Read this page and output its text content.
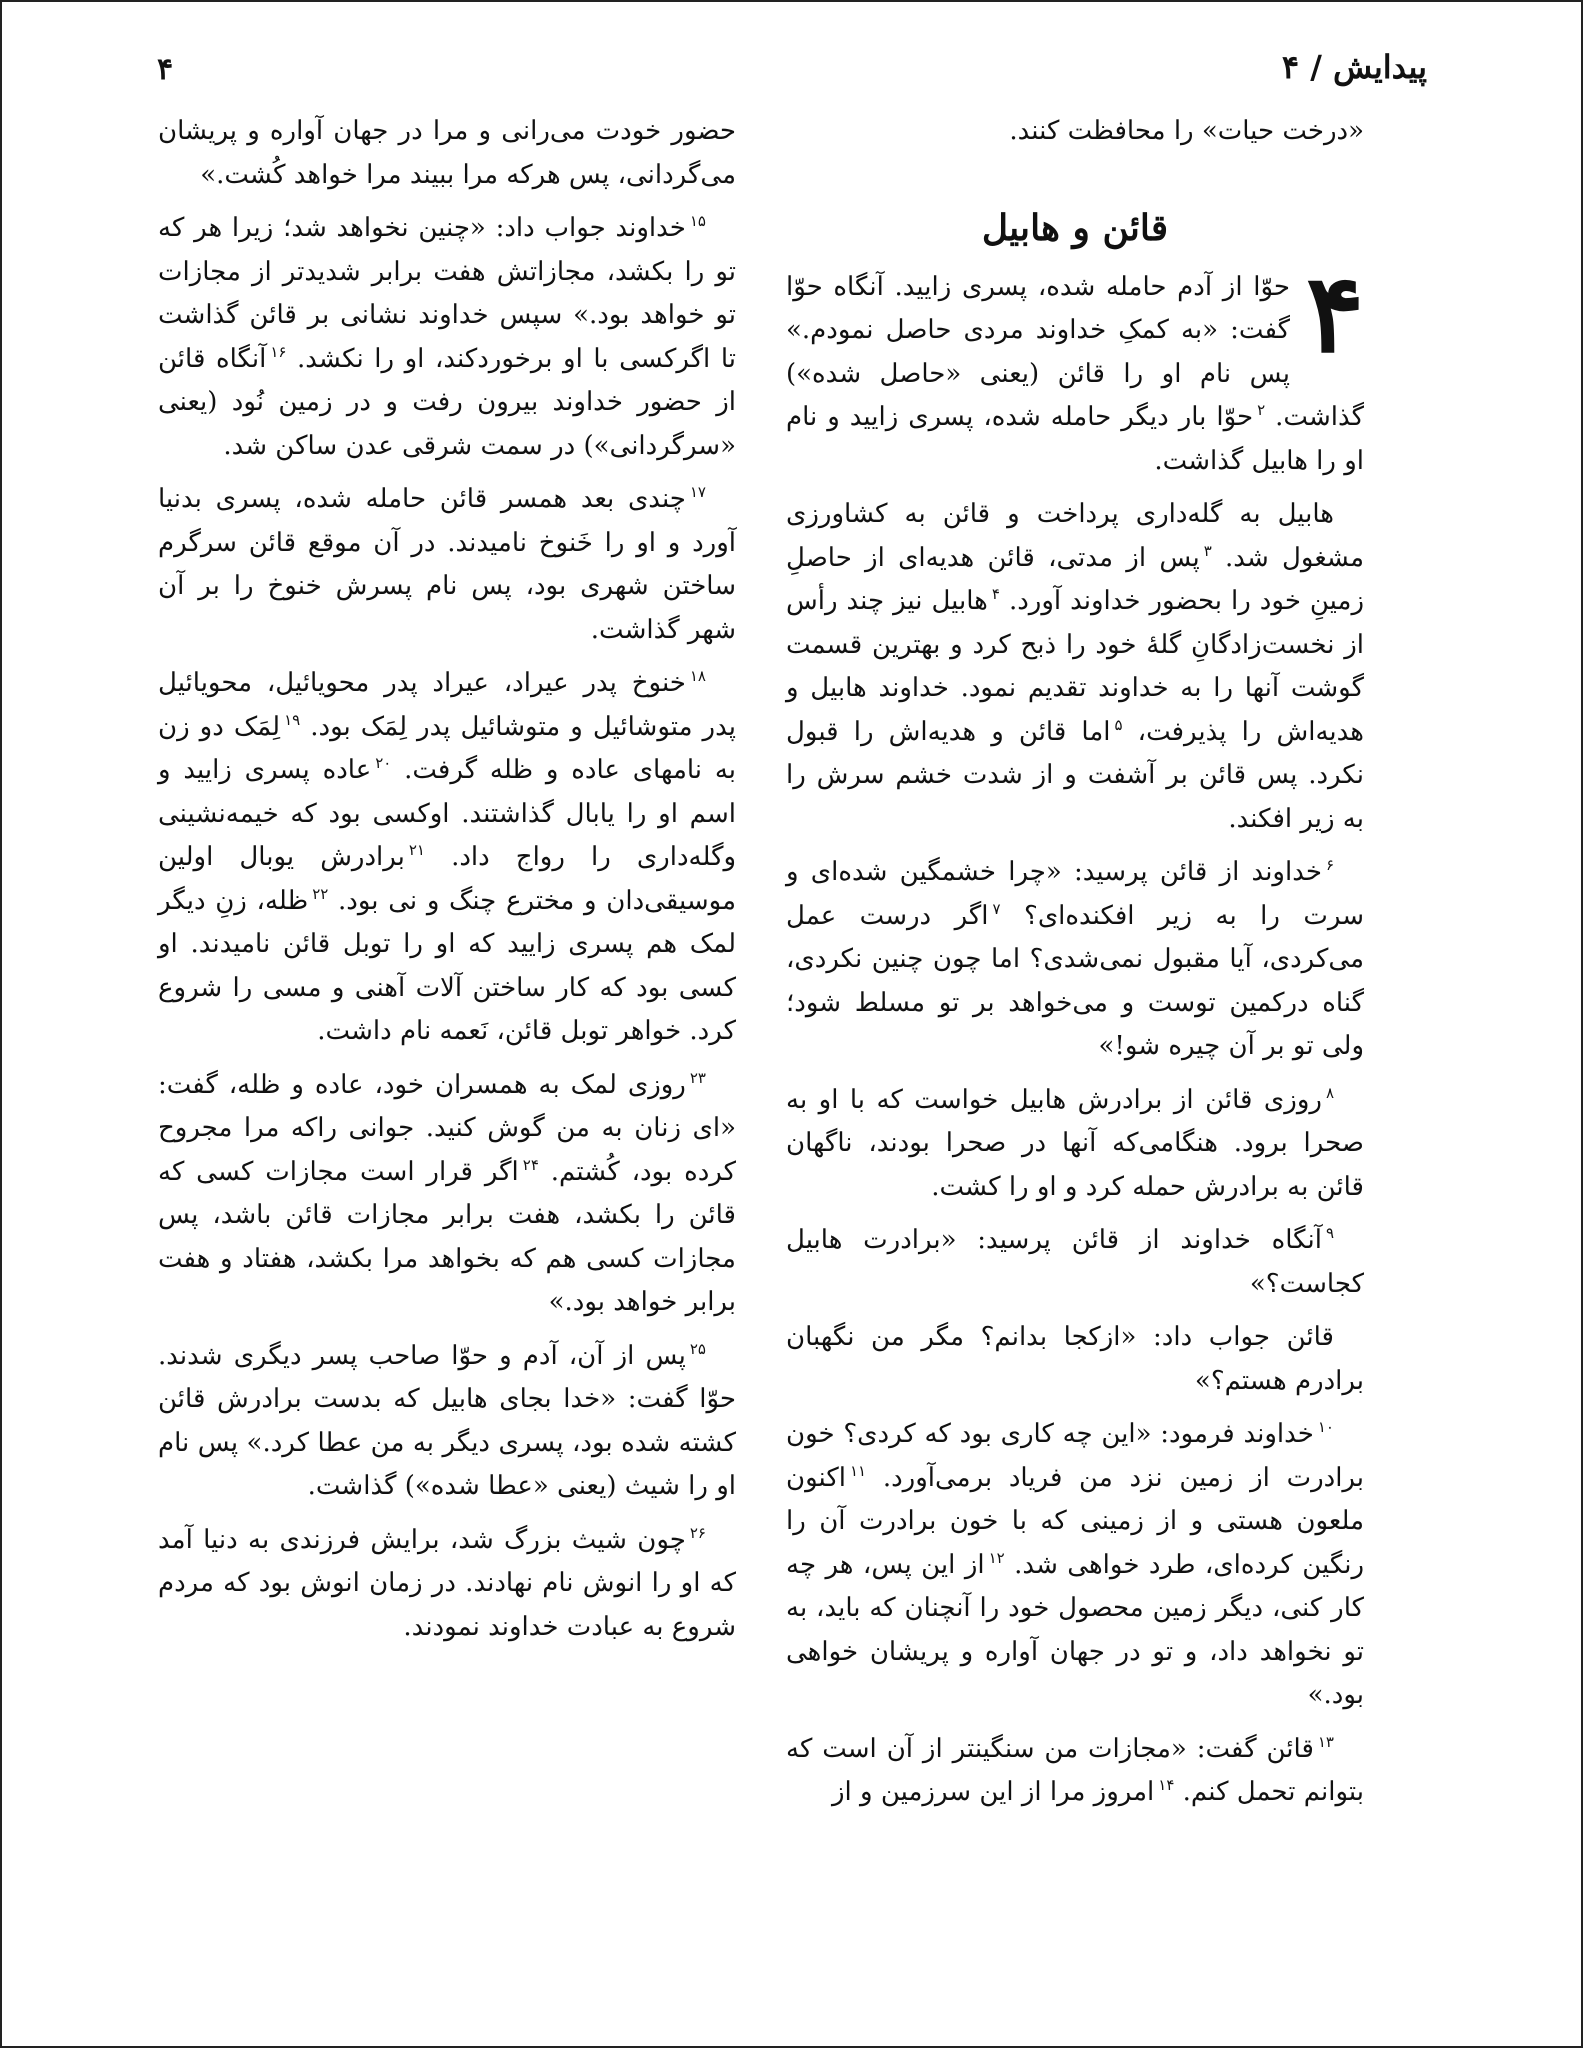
۴	پیدایش / ۴

«درخت حیات» را محافظت کنند.

قائن و هابیل

۴
حوّا از آدم حامله شده، پسری زایید. آنگاه حوّا گفت: «به کمکِ خداوند مردی حاصل نمودم.» پس نام او را قائن (یعنی «حاصل شده») گذاشت. $^۲$حوّا بار دیگر حامله شده، پسری زایید و نام او را هابیل گذاشت.

هابیل به گله‌داری پرداخت و قائن به کشاورزی مشغول شد. $^۳$پس از مدتی، قائن هدیه‌ای از حاصلِ زمینِ خود را بحضور خداوند آورد. $^۴$هابیل نیز چند رأس از نخست‌زادگانِ گلهٔ خود را ذبح کرد و بهترین قسمت گوشت آنها را به خداوند تقدیم نمود. خداوند هابیل و هدیه‌اش را پذیرفت، $^۵$اما قائن و هدیه‌اش را قبول نکرد. پس قائن بر آشفت و از شدت خشم سرش را به زیر افکند.

$^۶$خداوند از قائن پرسید: «چرا خشمگین شده‌ای و سرت را به زیر افکنده‌ای؟ $^۷$اگر درست عمل می‌کردی، آیا مقبول نمی‌شدی؟ اما چون چنین نکردی، گناه درکمین توست و می‌خواهد بر تو مسلط شود؛ ولی تو بر آن چیره شو!»

$^۸$روزی قائن از برادرش هابیل خواست که با او به صحرا برود. هنگامی‌که آنها در صحرا بودند، ناگهان قائن به برادرش حمله کرد و او را کشت.

$^۹$آنگاه خداوند از قائن پرسید: «برادرت هابیل کجاست؟»

قائن جواب داد: «ازکجا بدانم؟ مگر من نگهبان برادرم هستم؟»

$^{۱۰}$خداوند فرمود: «این چه کاری بود که کردی؟ خون برادرت از زمین نزد من فریاد برمی‌آورد. $^{۱۱}$اکنون ملعون هستی و از زمینی که با خون برادرت آن را رنگین کرده‌ای، طرد خواهی شد. $^{۱۲}$از این پس، هر چه کار کنی، دیگر زمین محصول خود را آنچنان که باید، به تو نخواهد داد، و تو در جهان آواره و پریشان خواهی بود.»

$^{۱۳}$قائن گفت: «مجازات من سنگینتر از آن است که بتوانم تحمل کنم. $^{۱۴}$امروز مرا از این سرزمین و از

حضور خودت می‌رانی و مرا در جهان آواره و پریشان می‌گردانی، پس هرکه مرا ببیند مرا خواهد کُشت.»

$^{۱۵}$خداوند جواب داد: «چنین نخواهد شد؛ زیرا هر که تو را بکشد، مجازاتش هفت برابر شدیدتر از مجازات تو خواهد بود.» سپس خداوند نشانی بر قائن گذاشت تا اگرکسی با او برخوردکند، او را نکشد. $^{۱۶}$آنگاه قائن از حضور خداوند بیرون رفت و در زمین نُود (یعنی «سرگردانی») در سمت شرقی عدن ساکن شد.

$^{۱۷}$چندی بعد همسر قائن حامله شده، پسری بدنیا آورد و او را خَنوخ نامیدند. در آن موقع قائن سرگرم ساختن شهری بود، پس نام پسرش خنوخ را بر آن شهر گذاشت.

$^{۱۸}$خنوخ پدر عیراد، عیراد پدر محویائیل، محویائیل پدر متوشائیل و متوشائیل پدر لِمَک بود. $^{۱۹}$لِمَک دو زن به نامهای عاده و ظله گرفت. $^{۲۰}$عاده پسری زایید و اسم او را یابال گذاشتند. اوکسی بود که خیمه‌نشینی وگله‌داری را رواج داد. $^{۲۱}$برادرش یوبال اولین موسیقی‌دان و مخترع چنگ و نی بود. $^{۲۲}$ظله، زنِ دیگر لمک هم پسری زایید که او را توبل قائن نامیدند. او کسی بود که کار ساختن آلات آهنی و مسی را شروع کرد. خواهر توبل قائن، نَعمه نام داشت.

$^{۲۳}$روزی لمک به همسران خود، عاده و ظله، گفت: «ای زنان به من گوش کنید. جوانی راکه مرا مجروح کرده بود، کُشتم. $^{۲۴}$اگر قرار است مجازات کسی که قائن را بکشد، هفت برابر مجازات قائن باشد، پس مجازات کسی هم که بخواهد مرا بکشد، هفتاد و هفت برابر خواهد بود.»

$^{۲۵}$پس از آن، آدم و حوّا صاحب پسر دیگری شدند. حوّا گفت: «خدا بجای هابیل که بدست برادرش قائن کشته شده بود، پسری دیگر به من عطا کرد.» پس نام او را شیث (یعنی «عطا شده») گذاشت.

$^{۲۶}$چون شیث بزرگ شد، برایش فرزندی به دنیا آمد که او را انوش نام نهادند. در زمان انوش بود که مردم شروع به عبادت خداوند نمودند.
